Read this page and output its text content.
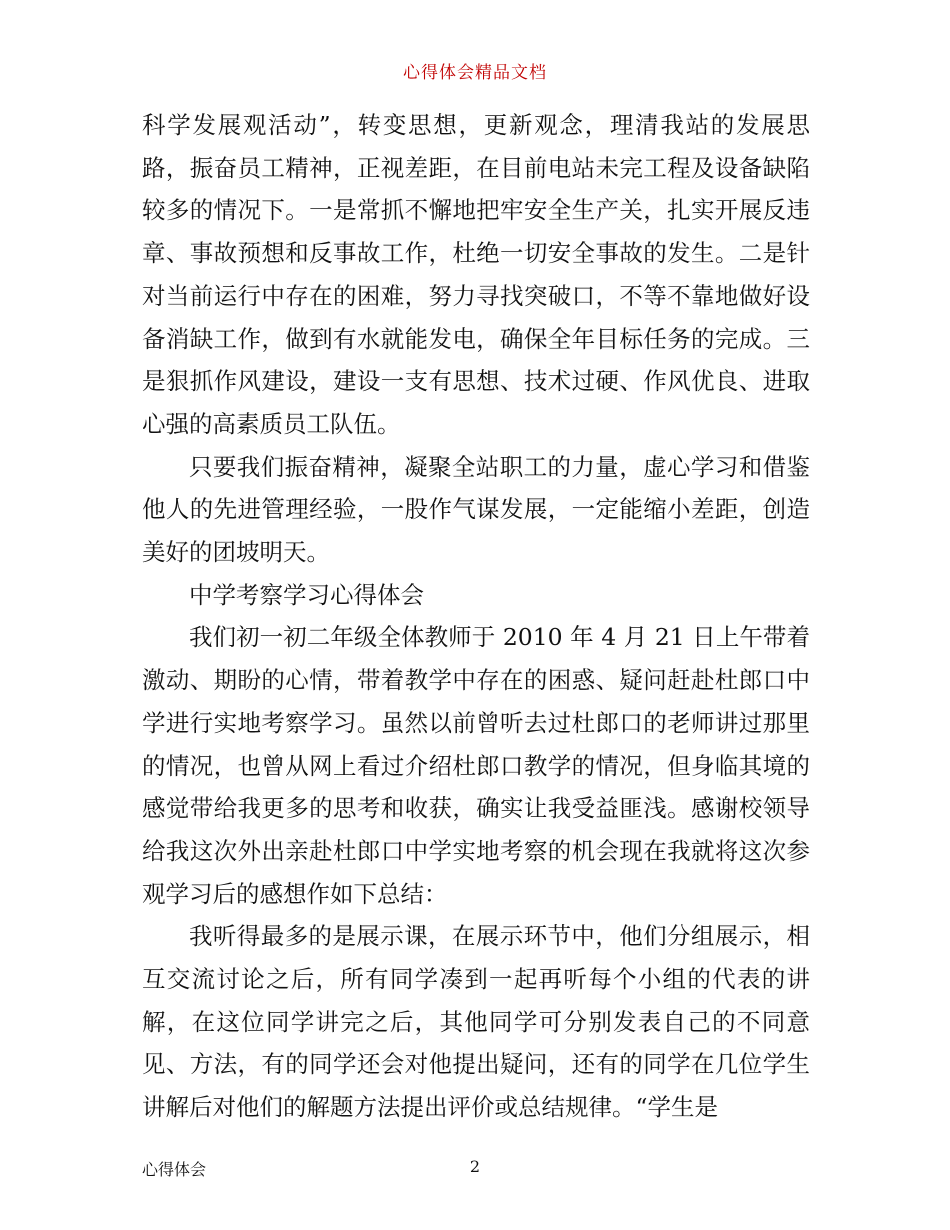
心得体会精品文档

科学发展观活动”，转变思想，更新观念，理清我站的发展思路，振奋员工精神，正视差距，在目前电站未完工程及设备缺陷较多的情况下。一是常抓不懈地把牢安全生产关，扎实开展反违章、事故预想和反事故工作，杜绝一切安全事故的发生。二是针对当前运行中存在的困难，努力寻找突破口，不等不靠地做好设备消缺工作，做到有水就能发电，确保全年目标任务的完成。三是狠抓作风建设，建设一支有思想、技术过硬、作风优良、进取心强的高素质员工队伍。

只要我们振奋精神，凝聚全站职工的力量，虚心学习和借鉴他人的先进管理经验，一股作气谋发展，一定能缩小差距，创造美好的团坡明天。

中学考察学习心得体会

我们初一初二年级全体教师于 2010 年 4 月 21 日上午带着激动、期盼的心情，带着教学中存在的困惑、疑问赶赴杜郎口中学进行实地考察学习。虽然以前曾听去过杜郎口的老师讲过那里的情况，也曾从网上看过介绍杜郎口教学的情况，但身临其境的感觉带给我更多的思考和收获，确实让我受益匪浅。感谢校领导给我这次外出亲赴杜郎口中学实地考察的机会现在我就将这次参观学习后的感想作如下总结：

我听得最多的是展示课，在展示环节中，他们分组展示，相互交流讨论之后，所有同学凑到一起再听每个小组的代表的讲解，在这位同学讲完之后，其他同学可分别发表自己的不同意见、方法，有的同学还会对他提出疑问，还有的同学在几位学生讲解后对他们的解题方法提出评价或总结规律。“学生是

心得体会	2
